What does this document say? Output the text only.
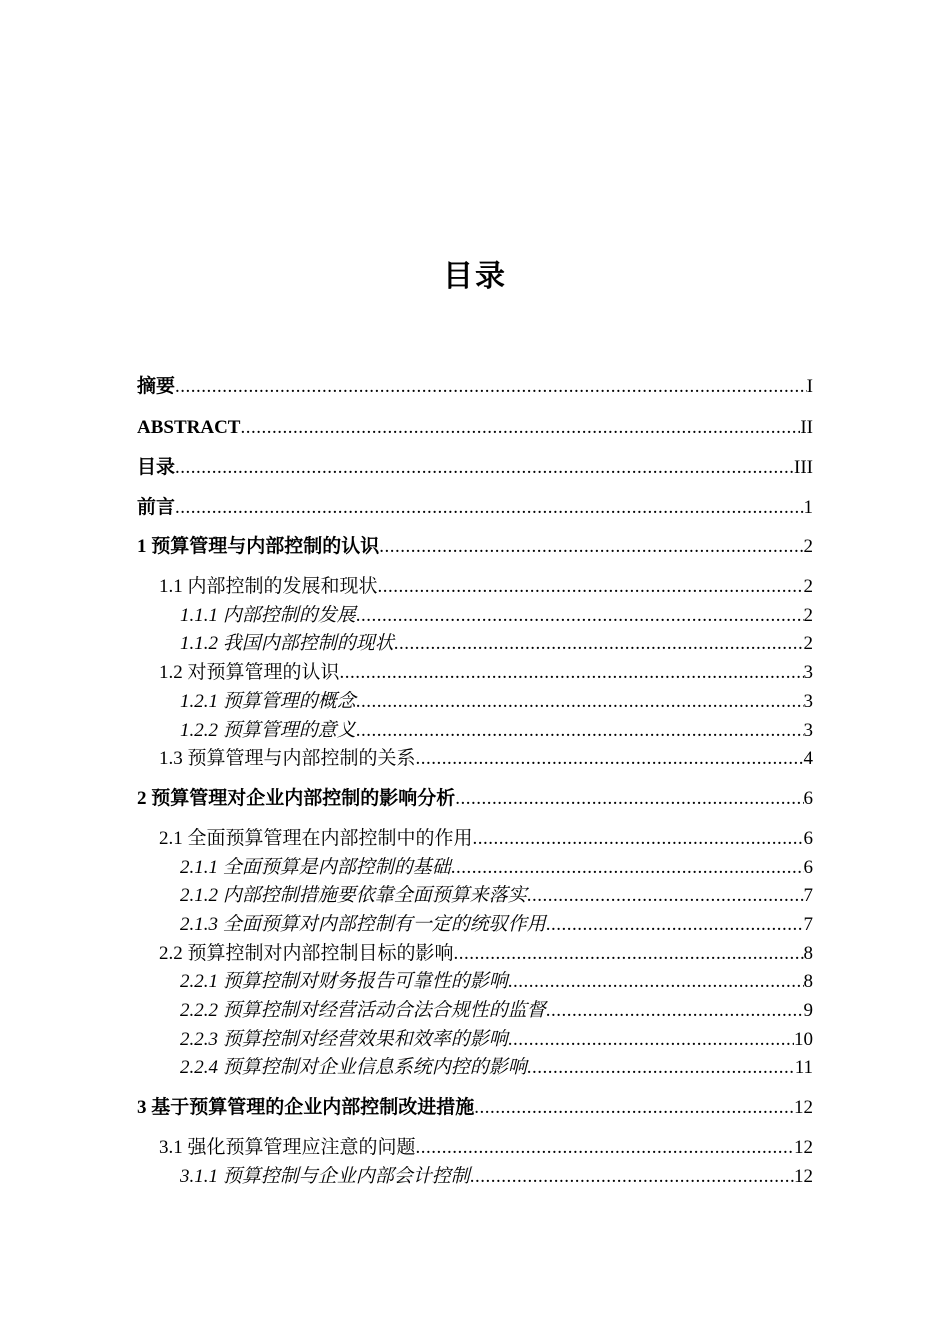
目录
摘要 .....	I
ABSTRACT .....	II
目录 .....	III
前言 .....	1
1 预算管理与内部控制的认识 .....	2
1.1 内部控制的发展和现状 .....	2
1.1.1 内部控制的发展 .....	2
1.1.2 我国内部控制的现状 .....	2
1.2 对预算管理的认识 .....	3
1.2.1 预算管理的概念 .....	3
1.2.2 预算管理的意义 .....	3
1.3 预算管理与内部控制的关系 .....	4
2 预算管理对企业内部控制的影响分析 .....	6
2.1 全面预算管理在内部控制中的作用 .....	6
2.1.1 全面预算是内部控制的基础 .....	6
2.1.2 内部控制措施要依靠全面预算来落实 .....	7
2.1.3 全面预算对内部控制有一定的统驭作用 .....	7
2.2 预算控制对内部控制目标的影响 .....	8
2.2.1 预算控制对财务报告可靠性的影响 .....	8
2.2.2 预算控制对经营活动合法合规性的监督 .....	9
2.2.3 预算控制对经营效果和效率的影响 .....	10
2.2.4 预算控制对企业信息系统内控的影响 .....	11
3 基于预算管理的企业内部控制改进措施 .....	12
3.1 强化预算管理应注意的问题 .....	12
3.1.1 预算控制与企业内部会计控制 .....	12
